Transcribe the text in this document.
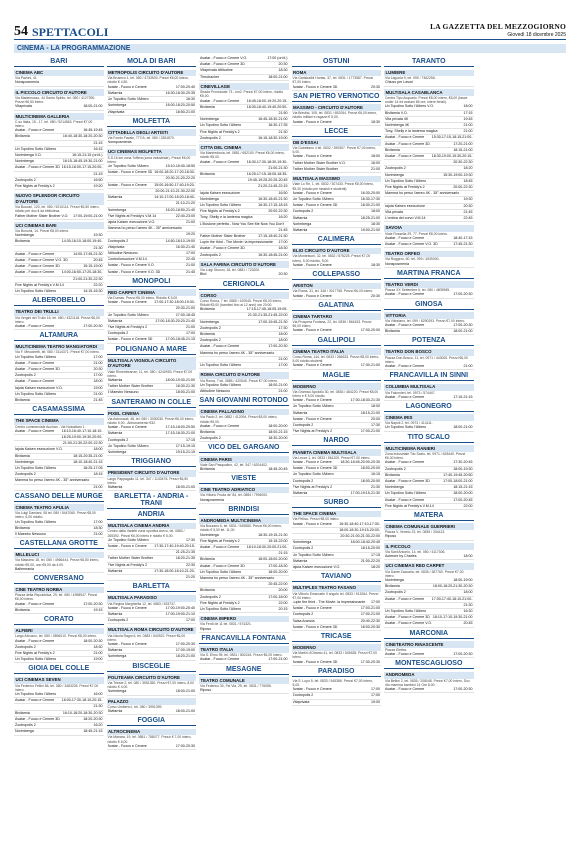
54 SPETTACOLI	LA GAZZETTA DEL MEZZOGIORNO
Giovedì 18 dicembre 2025
CINEMA - LA PROGRAMMAZIONE
BARI
CINEMA ABC
Via Pavoni, 41
Nonsposmenia
IL PICCOLO CIRCUITO D'AUTORE
Via Mademusso, 44 Santo Spirito, tel. 080 / 4127390. Prezzi €6,50 intero.
Vitaprivata	18:00-21:00
MULTICINEMA GALLERIA
C.so Italia, 15 - 17, tel. 080 / 5214563. Prezzi €7,00 intero.
Avatar - Fuoco e Cenere	16:45-19:45
Bivitarnia	16:40-18:30-18:20-20:30
21:15
Un Topolino Sotto l'Albero	16:15
Norimberga V.O.	16:15-21:15 (ori.it.)
Norimberga	16:15-18:45-19:30-21:00
Avatar - Fuoco e Cenere 3D 16:15-18:00-17:15-20:00-
21:15
Zootropolis 2	16:50
Five Nights at Freddy's 2	19:20
NUOVO SPLENDOR CIRCUITO D'AUTORE
Via Buccari, 120, tel. 080 / 5210114. Prezzi €6,50 intero, ridotto per doc.ti da biblioteca.
Father Mother Sister Brother V.O.	17:00-19:00-21:00
UCI CINEMAS BARI
Via Bonomi, 14. Prezzi €8,00 intero.
Norimberga	19:30
Bivitarnia	14:30-16:10-18:00-19:40-
21:30
Avatar - Fuoco e Cenere	14:00-17:45-21:30
Avatar - Fuoco e Cenere V.O. 3D	20:45
Avatar - Fuoco e Cenere 3D	15:15-19:00
Avatar - Fuoco e Cenere	14:00-16:50-17:20-18:30-
21:00-21:30-22:30
Five Nights at Freddy's V.M.14	22:20
Un Topolino Sotto l'Albero	14:15-16:30
ALBEROBELLO
TEATRO DEI TRULLI
Via Vergini del Trullo 16, tel. 080 / 4321118. Prezzi €6,00 intero.
Avatar - Fuoco e Cenere	17:00-20:30
ALTAMURA
MULTICINEMA TEATRO MANGIATORDI
Via F. Meucinetti, tel. 080 / 3114371. Prezzi €7,00 intero.
Un Topolino Sotto l'Albero	17:00
Avatar - Fuoco e Cenere	21:00
Avatar - Fuoco e Cenere 3D	20:30
Zootropolis 2	17:00
Avatar - Fuoco e Cenere	18:00
Iajuta Kaisen esecuzione V.O.	19:00
Un Topolino Sotto l'Albero	21:00
Bivitarnia	21:45
CASAMASSIMA
THE SPACE CINEMA
Centro commerciale Auchan - Via Noicattaro 1.
Avatar - Fuoco e Cenere	16:10-16:40-17:10-18:10-
18:25-19:00-19:30-20:00-
21:00-21:30-22:00-22:30
Iajuta Kaisen esecuzione V.O.	18:00
Bivitarnia	18:15-20:35-21:00
Norimberga	18:10-18:40-21:15
Un Topolino Sotto l'Albero	18:25-17:05
Zootropolis 2	18:15
Mamma ho perso l'aereo 4K - 35° anniversario
21:00
CASSANO DELLE MURGE
CINEMA TEATRO APULIA
Via Luigi Damiani, 08 tel. 080 / 5447060. Prezzi €8,00 intero, 6,00 ridotto.
Un Topolino Sotto l'Albero	17:00
Bivitarnia	18:30
Il Maestro Nessuno	21:00
CASTELLANA GROTTE
MILLELUCI
Via Massimo 18, tel. 080 / 4966444. Prezzi €6,50 intero, ridotto €5,00, uno €5,00 da 4,00.
Ballermania
CONVERSANO
CINE TEATRO NORBA
Piazza della Repubblica, 29, tel. 080 / 4958947. Prezzi €6,00 intero.
Avatar - Fuoco e Cenere	17:00-20:30
Bivitarnia	19:15
CORATO
ALFIERI
Largo Abruzzo, tel. 080 / 0896010. Prezzi €8,00 intero.
Avatar - Fuoco e Cenere	18:00-20:30
Zootropolis 2	18:30
Five Nights at Freddy's 2	21:00
Un Topolino Sotto l'Albero	19:00
GIOIA DEL COLLE
UCI CINEMAS SEVEN
Via Federico Fellini 86, tel. 080 / 3483205. Prezzi €7,00 intero.
Un Topolino Sotto l'Albero	16:00
Avatar - Fuoco e Cenere	16:00-17:30-18:10-20:15-
21:30
Bivitarnia	16:10-18:20-18:30-20:30
Avatar - Fuoco e Cenere 3D	18:20-20:30
Zootropolis 2	16:20
Norimberga	18:45-21:15
MOLA DI BARI
METROPOLIS CIRCUITO D'AUTORE
Via Bruseco 1, tel. 080 / 4733530. Prezzi €6,00 intero, ridotto € 4,50.
Avatar - Fuoco e Cenere	17:00-20:40
Bivitarnia	16:30-18:30-20:35
Un Topolino Sotto l'Albero	16:30
Norimberga	16:00-18:20-20:50
Vitaprivata	18:50-21:00
MOLFETTA
CITTADELLA DEGLI ARTISTI
Via Fondo Favale, 777/A, tel. 080 / 3351870.
Nonsposmenia
UCI CINEMAS MOLFETTA
S.S.16 km zona Toffera (zona industriale). Prezzi €6,00 intero.
Un Topolino Sotto l'Albero	15:10-16:40-18:50
Avatar - Fuoco e Cenere 3D 16:00-18:20-17:20-18:30-
20:30-21:20-22:20
Avatar - Fuoco e Cenere	15:00-16:50-17:40-19:20-
20:00-21:10-21:30-22:00
Bivitarnia	14:10-17:00-18:20-18:40-
21:10-21:20
Norimberga	16:20-18:50-21:40
Five Nights at Freddy's V.M.14	22:40-23:00
Iajuta Kaisen esecuzione V.O.	21:00
Mamma ho perso l'aereo 4K - 35° anniversario
19:20
Zootropolis 2	14:50-18:10-19:00
Vitaprivata	16:30-21:40
Attitudine Nessuno	17:00
Controllorsoclore V.M.14	22:45
Avatar - Fuoco e Cenere V.O.	21:00
Avatar - Fuoco e Cenere V.O. 3D	21:45
MONOPOLI
RED CARPET CINEMA
Via Dumas. Prezzi €6,00 intero, Ridotto € 5,00.
Avatar - Fuoco e Cenere	17:00-17:30-18:00-19:30-
20:30-21:00
Un Topolino Sotto l'Albero	17:00-18:45
Bivitarnia	17:00-18:30-20:20-21:40
Five Nights at Freddy's 2	21:00
Zootropolis 2	17:00
Avatar - Fuoco e Cenere 3D	17:00-18:45-21:15
POLIGNANO A MARE
MULTISALA VIGNOLA CIRCUITO D'AUTORE
Viale Rimembranze, 11, tel. 080 / 4240953. Prezzi €7,00 intero.
Bivitarnia	18:00-19:30-21:00
Father Mother Sister Brother	18:30-21:30
Il Maestro Nessuno	18:00-21:00
SANTERAMO IN COLLE
PIXEL CINEMA
Via Astronauti, 48, tel. 080 / 3030030. Prezzi €6,00 intero, ridotto 5,00 - Abbonamento €32.
Avatar - Fuoco e Cenere	17:15-18:00-20:50
Bivitarnia	17:15-18:30-21:00
Zootropolis 2	17:15
Un Topolino Sotto l'Albero	17:15-19:15
Norimberga	19:15-21:15
TRIGGIANO
PRESIDENT CIRCUITO D'AUTORE
Largo Pappagallo 11, tel. 347 / 1133478. Prezzi €6,50 intero.
Bivitarnia	18:00-21:00
BARLETTA - ANDRIA - TRANI
ANDRIA
MULTISALA CINEMA ANDRIA
Centro dalla Vadetti zona sportiva Arevo, tel. 0883 / 265392. Prezzi €6,00 intero e ridotto € 5,00.
Un Topolino Sotto l'Albero	17:30
Avatar - Fuoco e Cenere	17:30-17:40-19:40-20:15-
21:25-21:35
Father Mother Sister Brother	18:20-21:35
Five Nights at Freddy's 2	22:30
Bivitarnia	17:30-18:00-18:10-21:20-
21:20
BARLETTA
MULTISALA PARADISO
Via Regina Margherita 12, tel. 0883 / 533737.
Avatar - Fuoco e Cenere	17:00-19:00-20:40
Bivitarnia	17:00-19:00-21:10
Zootropolis 2	17:00
MULTISALA ROMA CIRCUITO D'AUTORE
Via Nicola Ragni 6, tel. 0883 / 540922. Prezzi €6,00 intero.
Avatar - Fuoco e Cenere	17:00-20:30
Bivitarnia	17:00-19:00
Norimberga	18:20-21:00
BISCEGLIE
POLITEAMA CIRCUITO D'AUTORE
Via Trieste 2, tel. 080 / 3951350. Prezzi €7,00 intero, 8,00 ridotto € 4,00.
Norimberga	18:00-21:00
PALAZZO
Corso Umberto I, tel. 080 / 3951399.
Bivitarnia	18:00-21:00
FOGGIA
ALTROCINEMA
Via Manara, 19, tel. 0881 / 788077. Prezzi € 7,00 intero, ridotto € 6,00.
Avatar - Fuoco e Cenere	17:00-20:30
Avatar - Fuoco e Cenere V.O.	17:00 (ori.it.)
Avatar - Fuoco e Cenere 3D	20:30
Vitaprivata Attitudine	18:30
Theobacher	18:00-21:00
CINEVILLAGE
Strada Provinciale 73 - km2. Prezzi €7,00 intero, ridotto €5,00.
Avatar - Fuoco e Cenere	16:45-18:00-19:20-20:15-
Bivitarnia	18:30-18:40-19:40-20:50-
21:50
Norimberga	16:45-18:30-21:00
Un Topolino Sotto l'Albero	16:30-17:35
Five Nights at Freddy's 2	21:30
Zootropolis 2	16:15-18:30-19:00
CITTA DEL CINEMA
Via Manfredonia, tel. 0881 / 652100. Prezzi €6,00 intero, ridotto €5,00.
Avatar - Fuoco e Cenere	16:30-17:30-18:30-19:30-
21:00-21:30
Bivitarnia	16:25-17:15-18:05-18:35-
19:45-19:25-20:25-20:45
21:20-21:45-22:15
Iajuta Kaisen esecuzione	16:50
Norimberga	16:30-18:40-21:30
Un Topolino Sotto l'Albero	16:30-17:15-18:15
Five Nights at Freddy's 2	20:00-22:30
Tony, Shelly e la lanterna magica	16:20
L'illusione perfetta - Now You See Me Now You Don't
21:45
Father Mother Sister Brother	17:15-18:40-21:30
Lupin the third - The Movie: la impressionante	17:00
Avatar - Fuoco e Cenere 3D	18:30
Zootropolis 2	16:30-18:45-21:00
SALA FARINA CIRCUITO D'AUTORE
Via Luigi Sbuoni, 18, tel. 0881 / 723200.
Bird	20:30
CERIGNOLA
CORSO
Corso Roma, 7 tel. 0885 / 420545. Prezzi €8,00 intero, Ridotti €5,00 (bambini fino ai 12 anni) ore 20:00.
Bivitarnia	17:15-17:45-18:05-19:05-
21:30-21:35-21:45-22:00
Norimberga	17:00-19:45-21:30
Zootropolis 2	17:30
Bivitarnia	18:00
Zootropolis 2	18:00
Avatar - Fuoco e Cenere	17:00-20:30
Mamma ho perso l'aereo 4K - 35° anniversario
21:00
Un Topolino Sotto l'Albero	17:00
ROMA CIRCUITO D'AUTORE
Via Roma, 7 tel. 0885 / 420545. Prezzi €7,00 intero.
Un Topolino Sotto l'Albero	18:00-21:00
Attitudine Nessuno	21:00
SAN GIOVANNI ROTONDO
CINEMA PALLADINO
Via Paolo 2, tel. 0882 / 412094. Prezzi €8,00 intero, ridotto €5,00.
Avatar - Fuoco e Cenere	18:00-20:00
Bivitarnia	18:00-21:15
Zootropolis 2	18:30-20:00
VICO DEL GARGANO
CINEMA PARIS
Viale San Pasqualino, 42, tel. 347 / 6204402.
Bivitarnia	18:45-20:45
VIESTE
CINE TEATRO ADRIATICO
Via Vittorio Fruda de' 84, tel. 0884 / 7994000.
Nonsposmenia
BRINDISI
ANDROMEDA MULTICINEMA
Via Bozzano 6, tel. 0831 / 549880. Prezzi €6,00 intero, ridotto € 5,00 tel. 11,00.
Norimberga	18:30-19:15-21:30
Five Nights at Freddy's 2	19:15-22:00
Avatar - Fuoco e Cenere	18:10-18:30-20:00-21:00-
21:15
Bivitarnia	18:00-18:00-20:00
Avatar - Fuoco e Cenere 3D	17:00-18:30
Un Topolino Sotto l'Albero	18:00-20:00
Mamma ho perso l'aereo 4K - 35° anniversario
20:45-22:00
Bivitarnia	20:00
Zootropolis 2	17:00-18:00
Five Nights at Freddy's 2	22:00
Un Topolino Sotto l'Albero	20:15
CINEMA IMPERO
Via Ferdi de 11 tel. 0831 / 574321.
Riposo
FRANCAVILLA FONTANA
TEATRO ITALIA
Via S. Elmo 95, tel. 0831 / 852244. Prezzi €6,00 intero.
Avatar - Fuoco e Cenere	17:00-21:00
MESAGNE
TEATRO COMUNALE
Via Federico 30, Fel Via, 25, tel. 0831 / 776055.
Riposo
OSTUNI
ROMA
Via Garisballdi Hortas, 37, tel. 0831 / 1773587. Prezzi €7,00 intero.
Avatar - Fuoco e Cenere 3D	20:30
SAN PIETRO VERNOTICO
MASSIMO - CIRCUITO D'AUTORE
Via Brindisi, 105, tel. 0831 / 652054. Prezzi €6,00 intero, ridotto militari e ragazzi € 5,00.
Avatar - Fuoco e Cenere	18:30
LECCE
DB D'ESSAI
Via Gobetiano 4 tel. 0832 / 390557. Prezzi €7,00 intero, 5,00.
Avatar - Fuoco e Cenere	18:00
Father Mother Sister Brother V.O.	16:00
Father Mother Sister Brother	21:00
MULTISALA MASSIMO
Viale Lo Re, 1, tel. 0832 / 307433. Prezzi €8,00 intero, €5,00 (ridotto per tassisti e studenti).
Avatar - Fuoco e Cenere	16:30-20:00
Un Topolino Sotto l'Albero	16:30-17:30
Avatar - Fuoco e Cenere 3D	18:30-21:00
Zootropolis 2	18:00
Bivitarnia	18:25-21:00
Norimberga	18:30
Bivitarnia	19:00-21:00
CALIMERA
ELIO CIRCUITO D'AUTORE
Via Montessori, 32, tel. 0832 / 875225. Prezzi €7,00 intero, 5,00 ridotto, 5,00.
Avatar - Fuoco e Cenere	18:30
COLLEPASSO
ARISTON
Via Roma, 31, tel. 348 / 3017758. Prezzi €6,00 intero.
Avatar - Fuoco e Cenere	20:30
GALATINA
CINEMA TARTARO
Via Prospera Fontana, 22, tel. 0836 / 566153. Prezzi €6,00 intero.
Avatar - Fuoco e Cenere	17:00-20:00
GALLIPOLI
CINEMA TEATRO ITALIA
Corso Roma, 144, tel. 0833 / 266633. Prezzi €8,00 intero, 5,00 ridotto studenti.
Avatar - Fuoco e Cenere	17:30-21:00
MAGLIE
MODERNO
Via Gramsci Apolollo 30, tel. 0836 / 484220. Prezzi €8,00 intero e € 5,00 ridotto.
Avatar - Fuoco e Cenere	17:30-18:30-21:30
Un Topolino Sotto l'Albero	18:00
Bivitarnia	18:15-21:00
Avatar - Fuoco e Cenere	20:00
Zootropolis 2	17:30
Five Nights at Freddy's 2	17:00-21:00
NARDO
PIANETA CINEMA MULTISALA
Via Lecce 1, tel. 0833 / 561200. Prezzi €7,00 intero.
Avatar - Fuoco e Cenere	18:30-18:45-20:00-20:30
Avatar - Fuoco e Cenere 3D	18:00-20:00
Un Topolino Sotto l'Albero	16:15
Zootropolis 2	18:00-20:00
Five Nights at Freddy's 2	21:30
Bivitarnia	17:00-19:15-21:30
SURBO
THE SPACE CINEMA
Via Pellico. Prezzi €8,00 intero.
Avatar - Fuoco e Cenere	16:30-18:40-17:10-17:30-
18:00-18:30-19:15-20:00-
20:30-21:00-21:30-22:00
Norimberga	18:00-18:40-20:45
Zootropolis 2	18:15-20:00
Un Topolino Sotto l'Albero	17:15
Bivitarnia	21:00-22:20
Iajuta Kaisen esecuzione V.O.	18:20
TAVIANO
MULTIPLEX TEATRO FASANO
Via Vittorio Emanuele II angolo tel. 0833 / 913264. Prezzi €7,00 intero.
Lupin the third - The Movie: la impressionante	17:00
Avatar - Fuoco e Cenere	17:00-21:00
Zootropolis 2	17:00-21:00
Salsa Arancia	20:40-22:30
Avatar - Fuoco e Cenere 3D	18:00-20:30
TRICASE
MODERNO
Via Martiri d'Otranto 41, tel. 0833 / 545635. Prezzi €7,00 intero.
Avatar - Fuoco e Cenere 3D	17:30-20:30
PARADISO
Via S. Lupo 5, tel. 0833 / 545386. Prezzi €7,00 intero, 5,00.
Avatar - Fuoco e Cenere	17:00
Zootropolis 2	17:00
Vitaprivata	19:00
TARANTO
LUMIERE
Via Lagonia 9, tel. 099 / 7362256.
Chiuso per Lavori
MULTISALA CASABLANCA
Centro Tipo Acquario. Prezzi €8,00 intero, €5,00 (fasce under 14 ed anziani 65 ore, intere feriali).
Un Topolino Sotto l'Albero V.O.	18:00
Bivitarnia V.O.	17:15
Vita privata 4K	19:45
Norimberga 4K	21:00
Tony, Shelly e la lanterna magica	21:00
Avatar - Fuoco e Cenere	15:30-17:15-18:15-21:00-
Avatar - Fuoco e Cenere 3D	17:20-21:00
Bivitarnia	18:15-21:00
Avatar - Fuoco e Cenere	18:30-19:00-19:30-20:15-
20:30-22:30
Zootropolis 2	18:20
Norimberga	15:30-19:00-19:30
Un Topolino Sotto l'Albero	18:45
Five Nights at Freddy's 2	20:00-22:30
Mamma ho perso l'aereo 4K - 35° anniversario
19:30
Iajuta Kaisen esecuzione	20:30
Vita privata	21:45
L'ombra del corvo V.M.14	22:45
SAVOIA
Viale Rossella 29, 77. Prezzi €8,00 intero.
Avatar - Fuoco e Cenere	18:40-17:15
Avatar - Fuoco e Cenere V.O. 3D	17:45-21:30
TEATRO ORFEO
Via Ruggero, 60, tel. 099 / 4539000.
Nonsposmenia
MARTINA FRANCA
TEATRO VERDI
Piazza XX Settembre 6, tel. 080 / 4805985.
Avatar - Fuoco e Cenere	17:00-20:30
GINOSA
VITTORIA
Via Vittoriano, tel. 099 / 8290293. Prezzi €7,00 intero.
Avatar - Fuoco e Cenere	17:00-20:30
Bivitarnia	18:00-21:00
POTENZA
TEATRO DON BOSCO
Piazza Don Bosco, 11, tel. 0971 / 443005. Prezzi €6,00 intero.
Avatar - Fuoco e Cenere	21:00
FRANCAVILLA IN SINNI
COLUMBIA MULTISALA
Via Falconieri, tel. 0973 / 574447.
Avatar - Fuoco e Cenere	17:15-21:15
LAGONEGRO
CINEMA IRIS
Via Napoli 2, tel. 0973 / 414111.
Un Topolino Sotto l'Albero	18:00-21:00
TITO SCALO
MULTICINEMA RANIERI
Zona industriale Tito Scalo, tel. 0971 / 628440. Prezzi €6,00 intero.
Avatar - Fuoco e Cenere	17:30-20:45
Zootropolis 2	18:00-19:30
Bivitarnia	17:40-19:45-20:50
Avatar - Fuoco e Cenere 3D	17:00-18:00-21:00
Norimberga	18:15-21:15
Un Topolino Sotto l'Albero	18:00-20:00
Avatar - Fuoco e Cenere	17:00-20:45
Five Nights at Freddy's V.M.14	22:00
MATERA
CINEMA COMUNALE GUERRIERI
Piazza V. Veneto 23, tel. 0835 / 334413.
Riposo
IL PICCOLO
Via Sant'Antonio, 14, tel. 080 / 4117306.
Actmore by Charles	18:00
UCI CINEMAS RED CARPET
Via Dante Zaccaria, tel. 0835 / 387760. Prezzi €7,00 intero.
Norimberga	18:00-19:00
Bivitarnia	18:00-18:20-21:30-20:30
Zootropolis 2	18:00
Avatar - Fuoco e Cenere	17:00-17:40-18:10-21:00-
21:30
Un Topolino Sotto l'Albero	16:30
Avatar - Fuoco e Cenere 3D 18:10-17:10-19:30-21:00
Avatar - Fuoco e Cenere V.O.	20:45
MARCONIA
CINETEATRO RINASCENTE
Piazza Elettra.
Avatar - Fuoco e Cenere	17:00-20:30
MONTESCAGLIOSO
ANDROMEDA
Via Bellini 2, tel. 0835 / 208048. Prezzi €7,00 intero, Dov. 4to mamma bambini 14 Ore 8,00.
Avatar - Fuoco e Cenere	17:00-20:30
